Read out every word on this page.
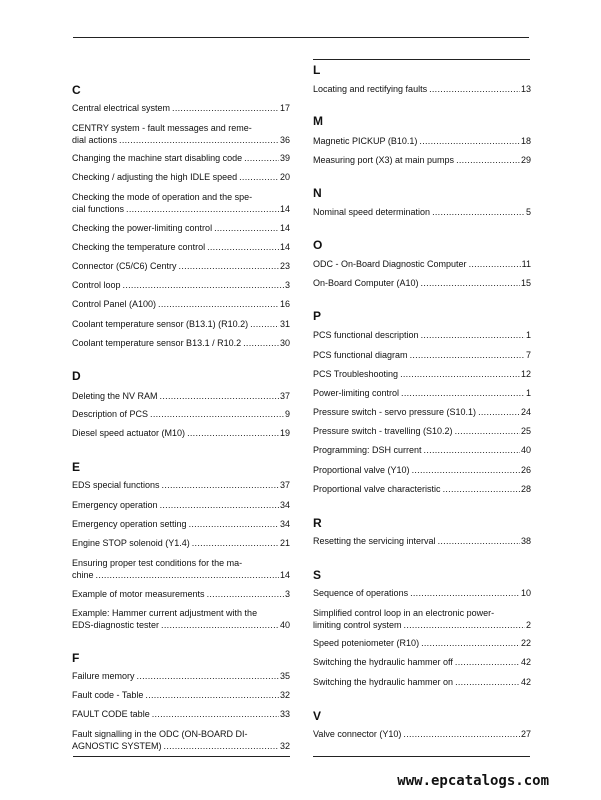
C
Central electrical system .....	17
CENTRY system - fault messages and reme-
dial actions .....	36
Changing the machine start disabling code .....	39
Checking / adjusting the high IDLE speed .....	20
Checking the mode of operation and the spe-
cial functions .....	14
Checking the power-limiting control .....	14
Checking the temperature control .....	14
Connector (C5/C6) Centry .....	23
Control loop .....	3
Control Panel (A100) .....	16
Coolant temperature sensor (B13.1) (R10.2) .....	31
Coolant temperature sensor B13.1 / R10.2 .....	30
D
Deleting the NV RAM .....	37
Description of PCS .....	9
Diesel speed actuator (M10) .....	19
E
EDS special functions .....	37
Emergency operation .....	34
Emergency operation setting .....	34
Engine STOP solenoid (Y1.4) .....	21
Ensuring proper test conditions for the ma-
chine .....	14
Example of motor measurements .....	3
Example: Hammer current adjustment with the
EDS-diagnostic tester .....	40
F
Failure memory .....	35
Fault code - Table .....	32
FAULT CODE table .....	33
Fault signalling in the ODC (ON-BOARD DI-
AGNOSTIC SYSTEM) .....	32
L
Locating and rectifying faults .....	13
M
Magnetic PICKUP (B10.1) .....	18
Measuring port (X3) at main pumps .....	29
N
Nominal speed determination .....	5
O
ODC - On-Board Diagnostic Computer .....	11
On-Board Computer (A10) .....	15
P
PCS functional description .....	1
PCS functional diagram .....	7
PCS Troubleshooting .....	12
Power-limiting control .....	1
Pressure switch - servo pressure (S10.1) .....	24
Pressure switch - travelling (S10.2) .....	25
Programming: DSH current .....	40
Proportional valve (Y10) .....	26
Proportional valve characteristic .....	28
R
Resetting the servicing interval .....	38
S
Sequence of operations .....	10
Simplified control loop in an electronic power-
limiting control system .....	2
Speed poteniometer (R10) .....	22
Switching the hydraulic hammer off .....	42
Switching the hydraulic hammer on .....	42
V
Valve connector (Y10) .....	27
www.epcatalogs.com
